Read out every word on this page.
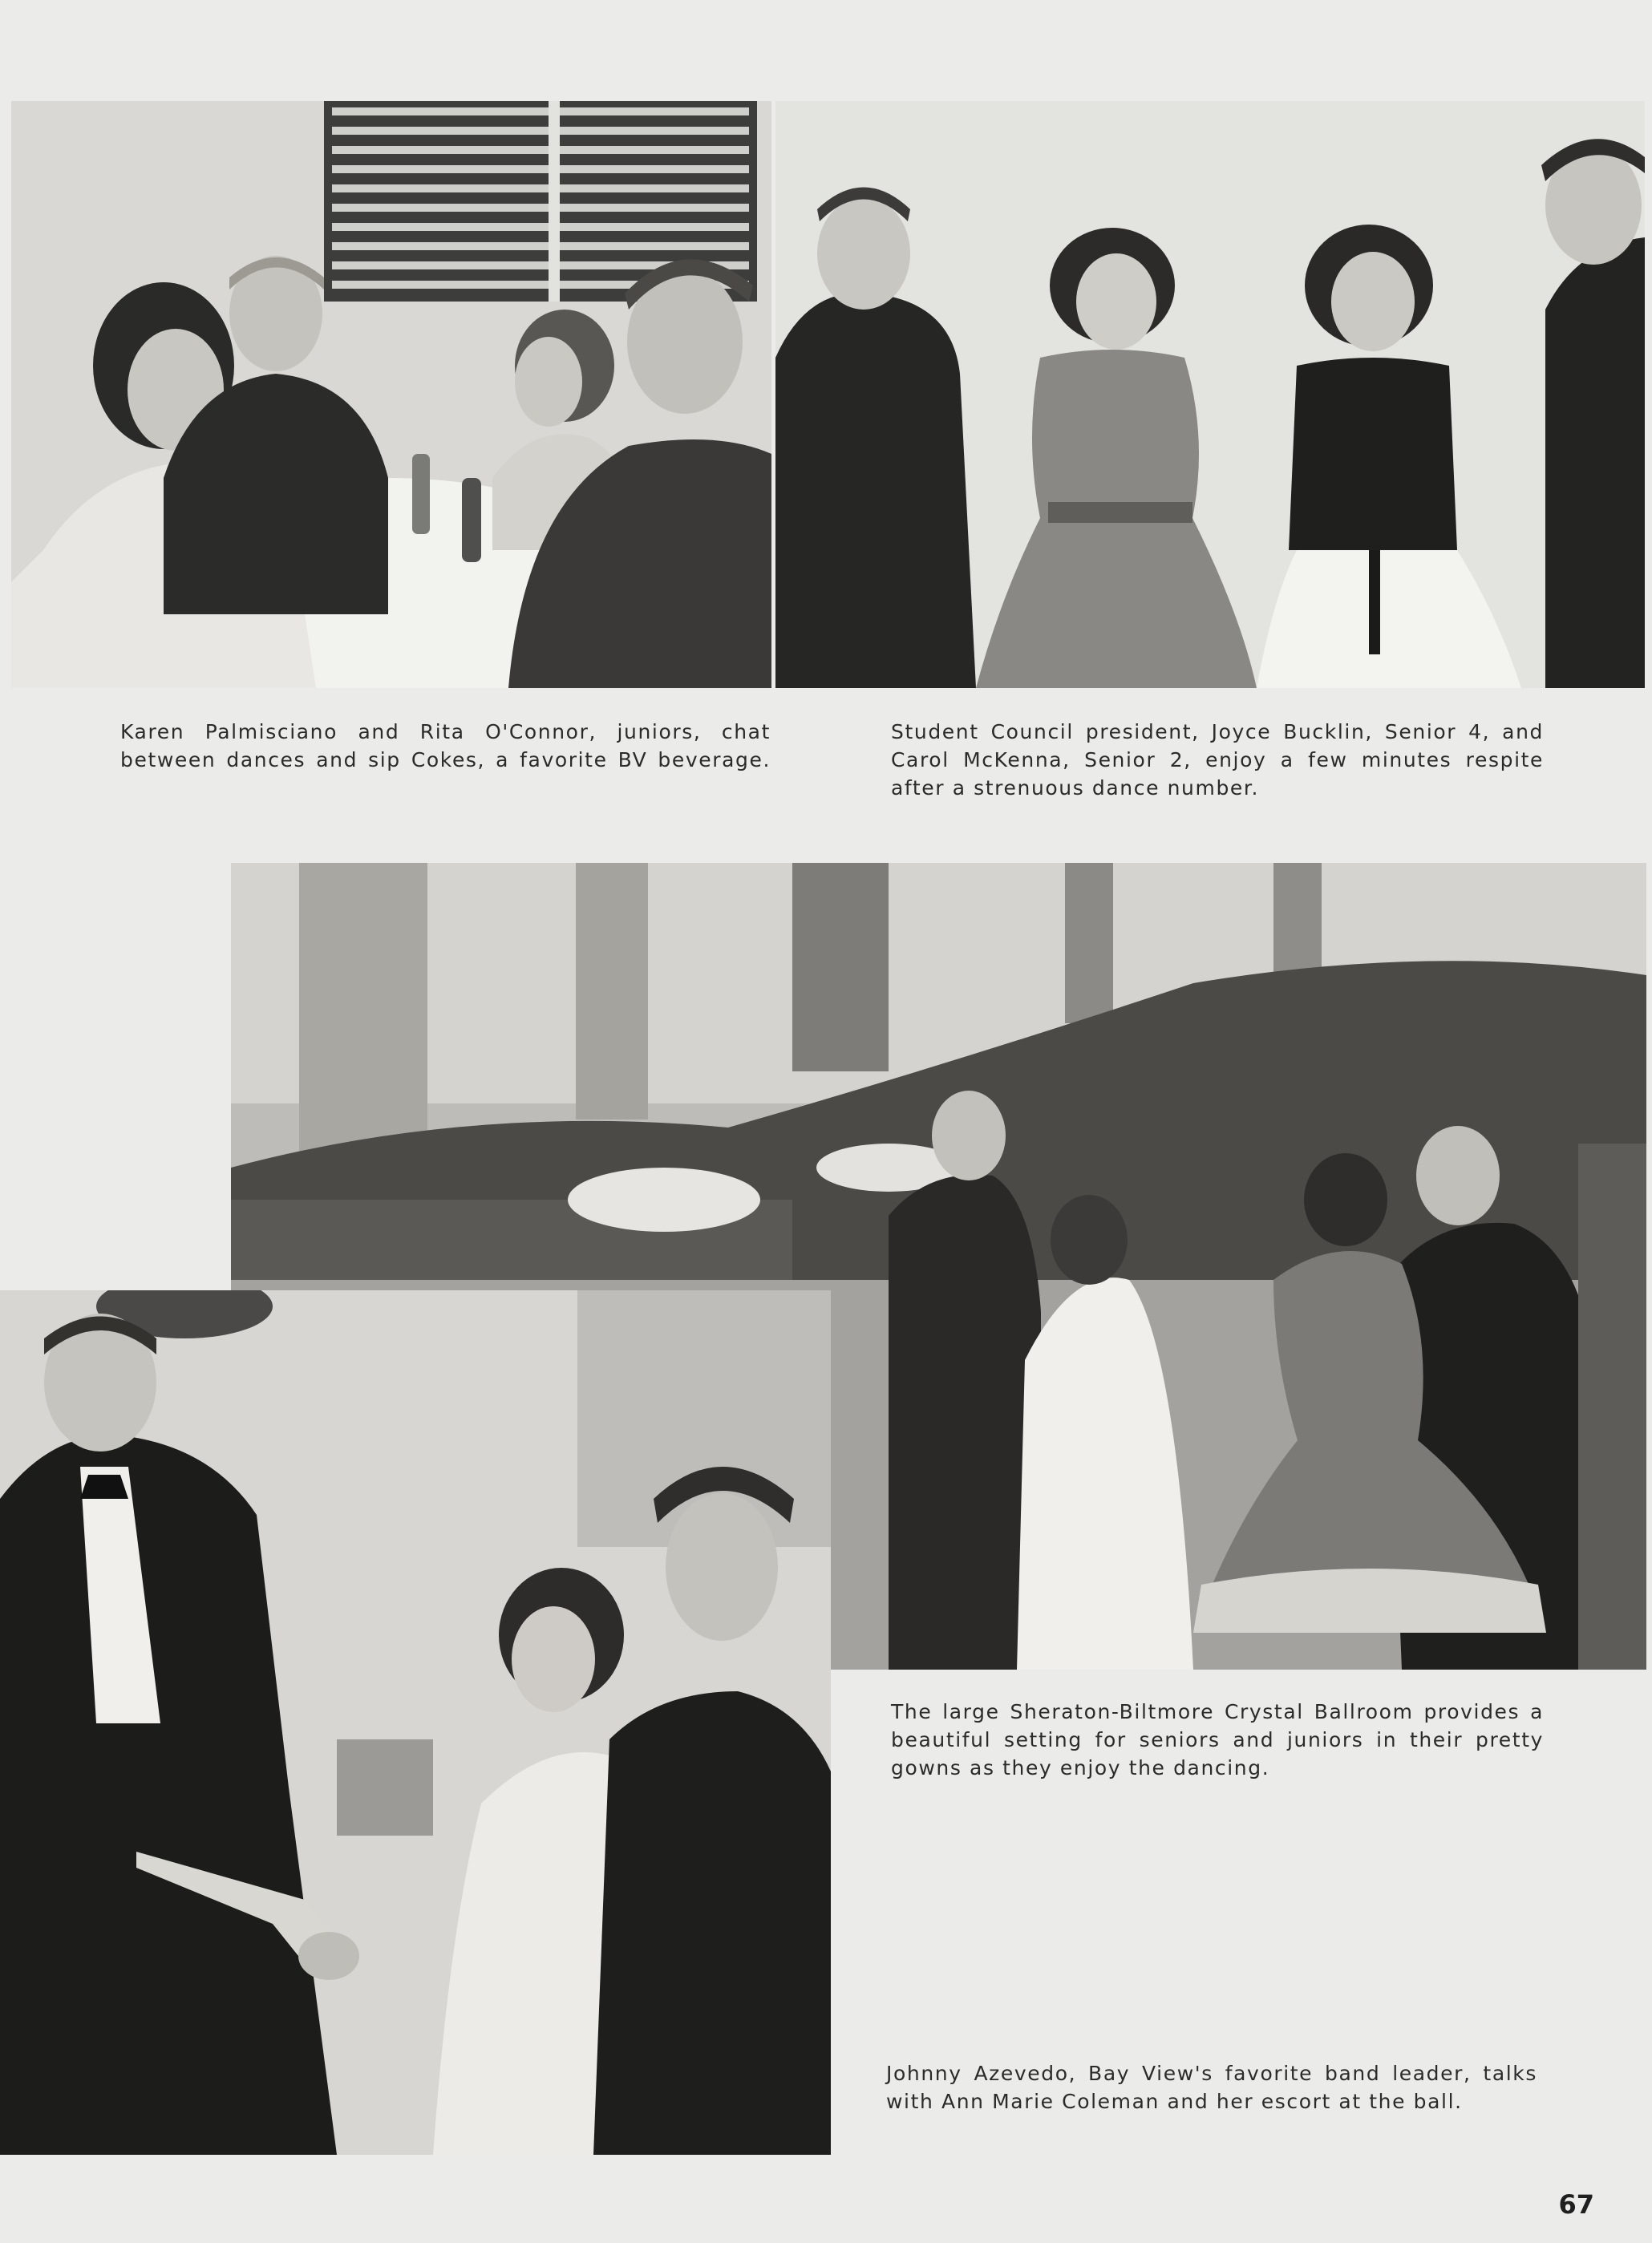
Karen Palmisciano and Rita O'Connor, juniors, chat between dances and sip Cokes, a favorite BV beverage.
Student Council president, Joyce Bucklin, Senior 4, and Carol McKenna, Senior 2, enjoy a few minutes respite after a strenuous dance number.
The large Sheraton-Biltmore Crystal Ballroom provides a beautiful setting for seniors and juniors in their pretty gowns as they enjoy the dancing.
Johnny Azevedo, Bay View's favorite band leader, talks with Ann Marie Coleman and her escort at the ball.
67
